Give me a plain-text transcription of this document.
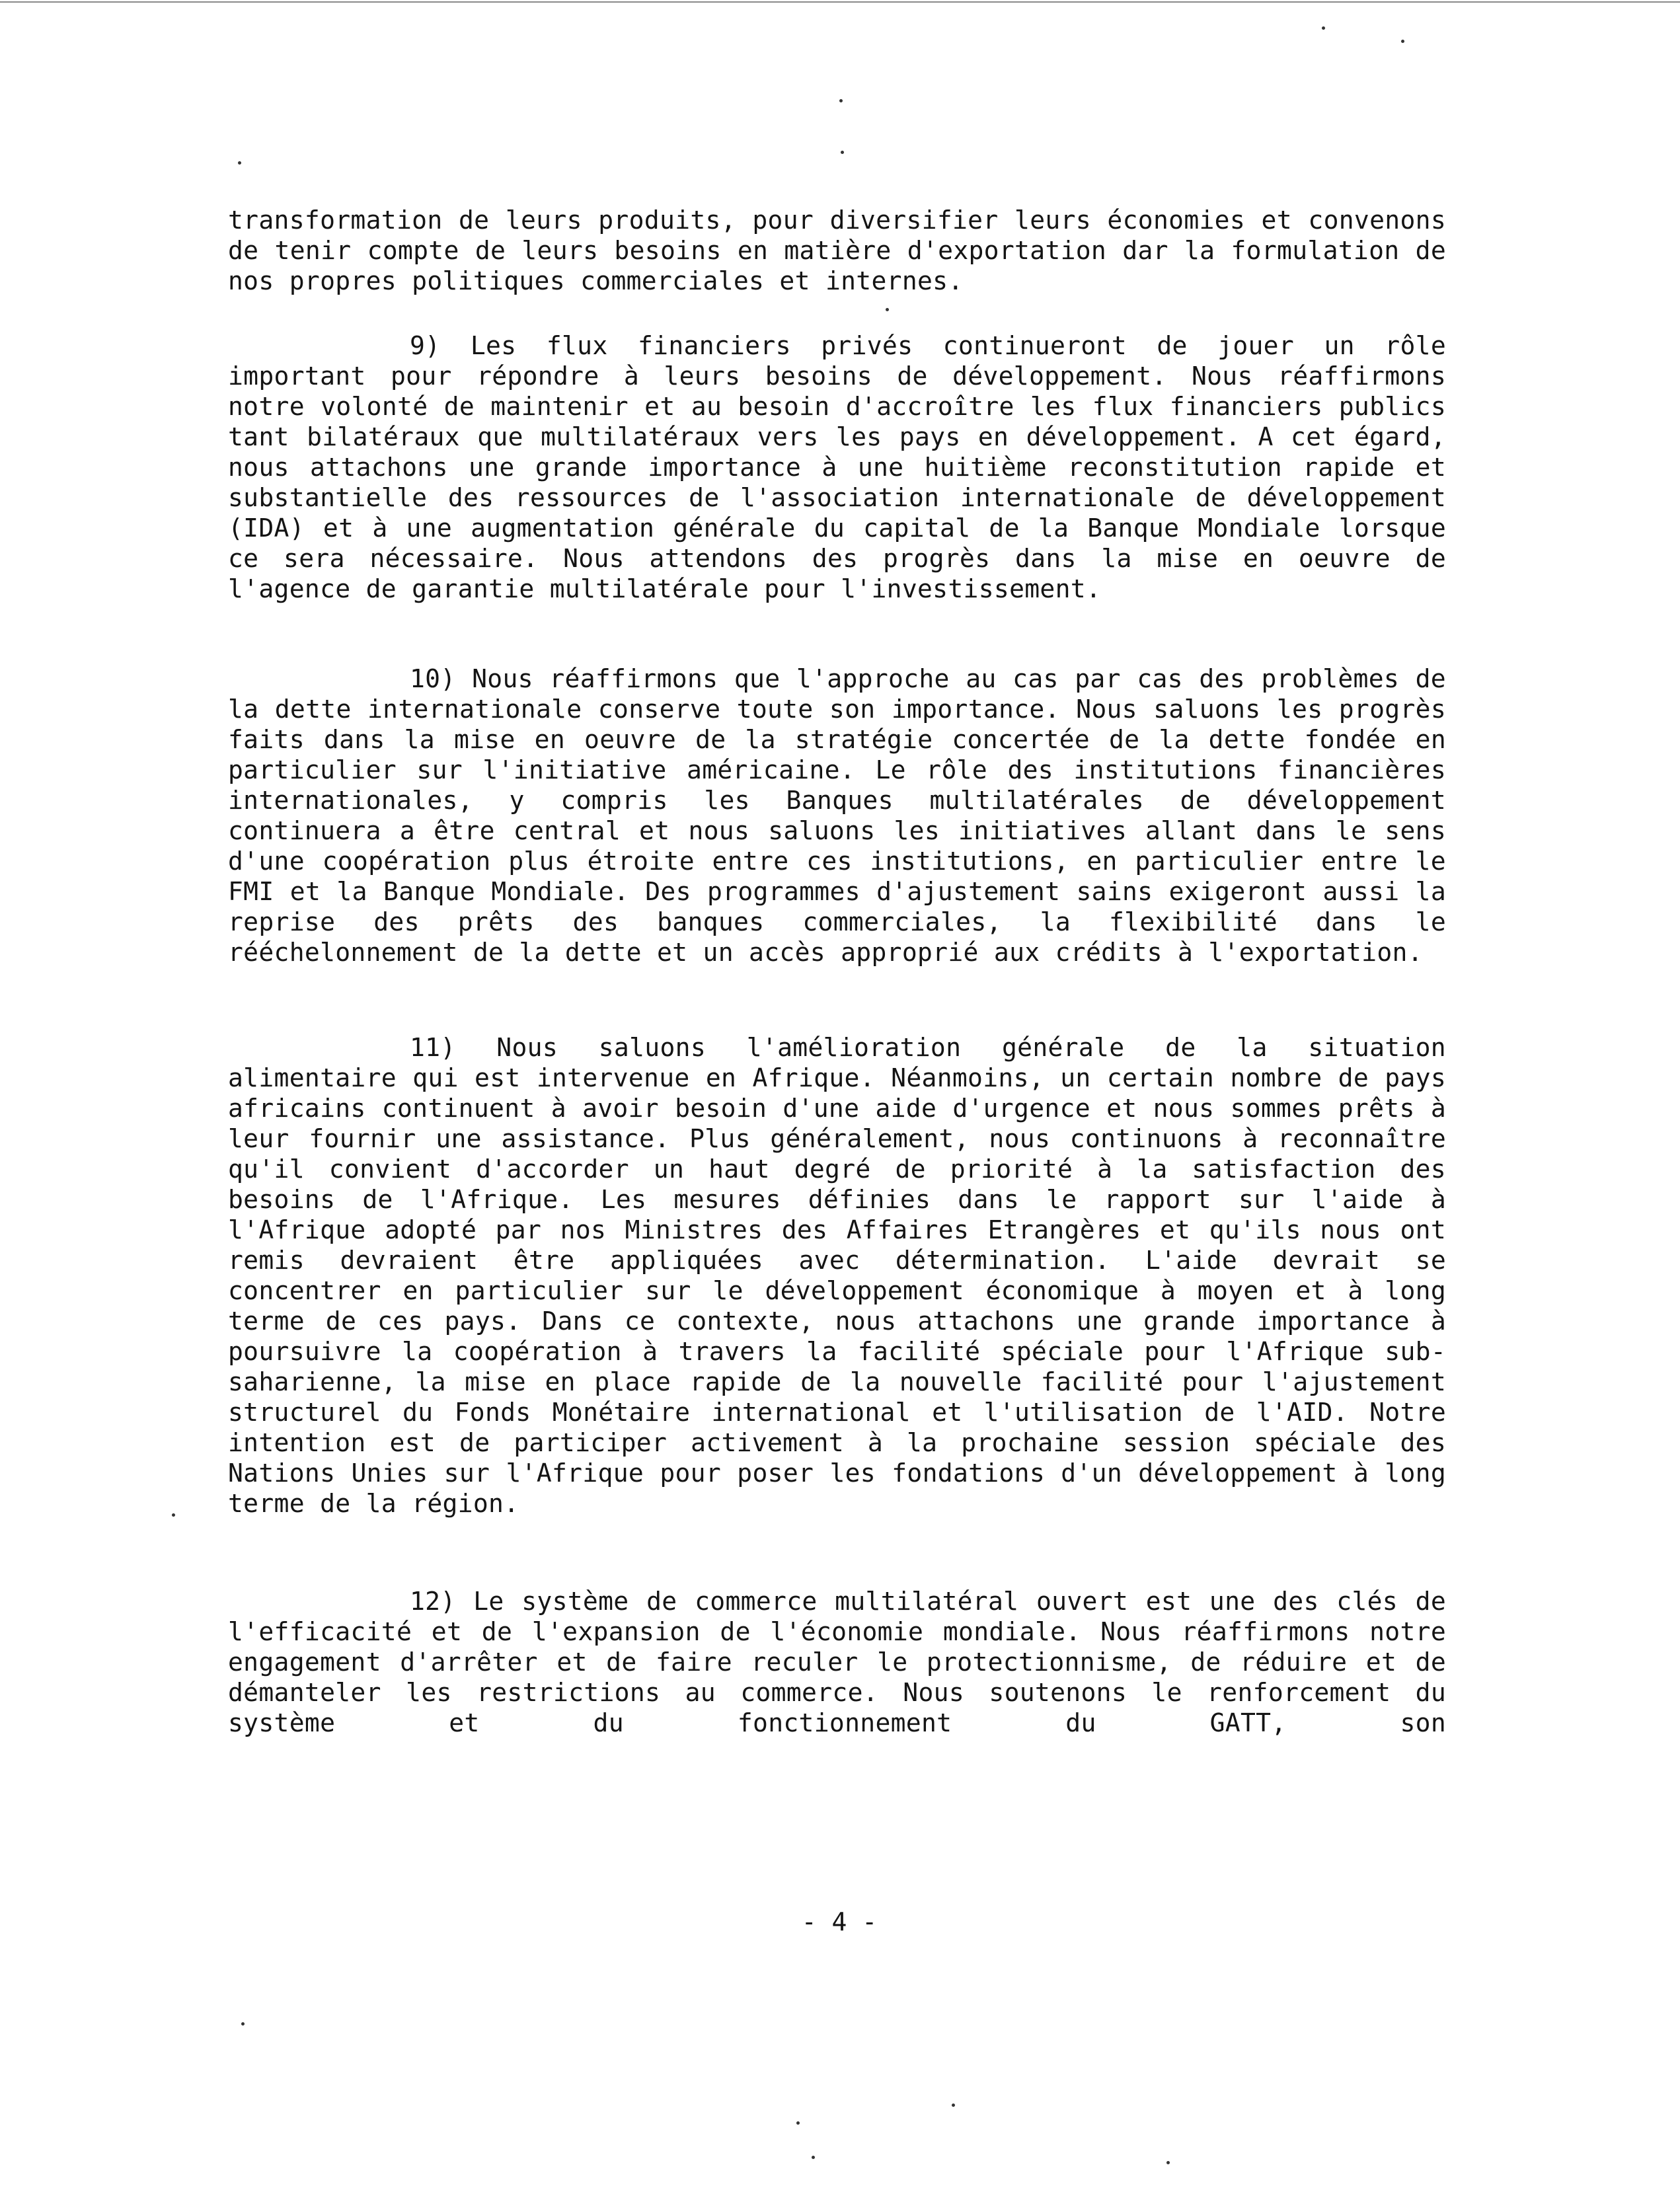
transformation de leurs produits, pour diversifier leurs économies et convenons de tenir compte de leurs besoins en matière d'exportation dar la formulation de nos propres politiques commerciales et internes.
9) Les flux financiers privés continueront de jouer un rôle important pour répondre à leurs besoins de développement. Nous réaffirmons notre volonté de maintenir et au besoin d'accroître les flux financiers publics tant bilatéraux que multilatéraux vers les pays en développement. A cet égard, nous attachons une grande importance à une huitième reconstitution rapide et substantielle des ressources de l'association internationale de développement (IDA) et à une augmentation générale du capital de la Banque Mondiale lorsque ce sera nécessaire. Nous attendons des progrès dans la mise en oeuvre de l'agence de garantie multilatérale pour l'investissement.
10) Nous réaffirmons que l'approche au cas par cas des problèmes de la dette internationale conserve toute son importance. Nous saluons les progrès faits dans la mise en oeuvre de la stratégie concertée de la dette fondée en particulier sur l'initiative américaine. Le rôle des institutions financières internationales, y compris les Banques multilatérales de développement continuera a être central et nous saluons les initiatives allant dans le sens d'une coopération plus étroite entre ces institutions, en particulier entre le FMI et la Banque Mondiale. Des programmes d'ajustement sains exigeront aussi la reprise des prêts des banques commerciales, la flexibilité dans le rééchelonnement de la dette et un accès approprié aux crédits à l'exportation.
11) Nous saluons l'amélioration générale de la situation alimentaire qui est intervenue en Afrique. Néanmoins, un certain nombre de pays africains continuent à avoir besoin d'une aide d'urgence et nous sommes prêts à leur fournir une assistance. Plus généralement, nous continuons à reconnaître qu'il convient d'accorder un haut degré de priorité à la satisfaction des besoins de l'Afrique. Les mesures définies dans le rapport sur l'aide à l'Afrique adopté par nos Ministres des Affaires Etrangères et qu'ils nous ont remis devraient être appliquées avec détermination. L'aide devrait se concentrer en particulier sur le développement économique à moyen et à long terme de ces pays. Dans ce contexte, nous attachons une grande importance à poursuivre la coopération à travers la facilité spéciale pour l'Afrique sub-saharienne, la mise en place rapide de la nouvelle facilité pour l'ajustement structurel du Fonds Monétaire international et l'utilisation de l'AID. Notre intention est de participer activement à la prochaine session spéciale des Nations Unies sur l'Afrique pour poser les fondations d'un développement à long terme de la région.
12) Le système de commerce multilatéral ouvert est une des clés de l'efficacité et de l'expansion de l'économie mondiale. Nous réaffirmons notre engagement d'arrêter et de faire reculer le protectionnisme, de réduire et de démanteler les restrictions au commerce. Nous soutenons le renforcement du système et du fonctionnement du GATT, son
- 4 -
